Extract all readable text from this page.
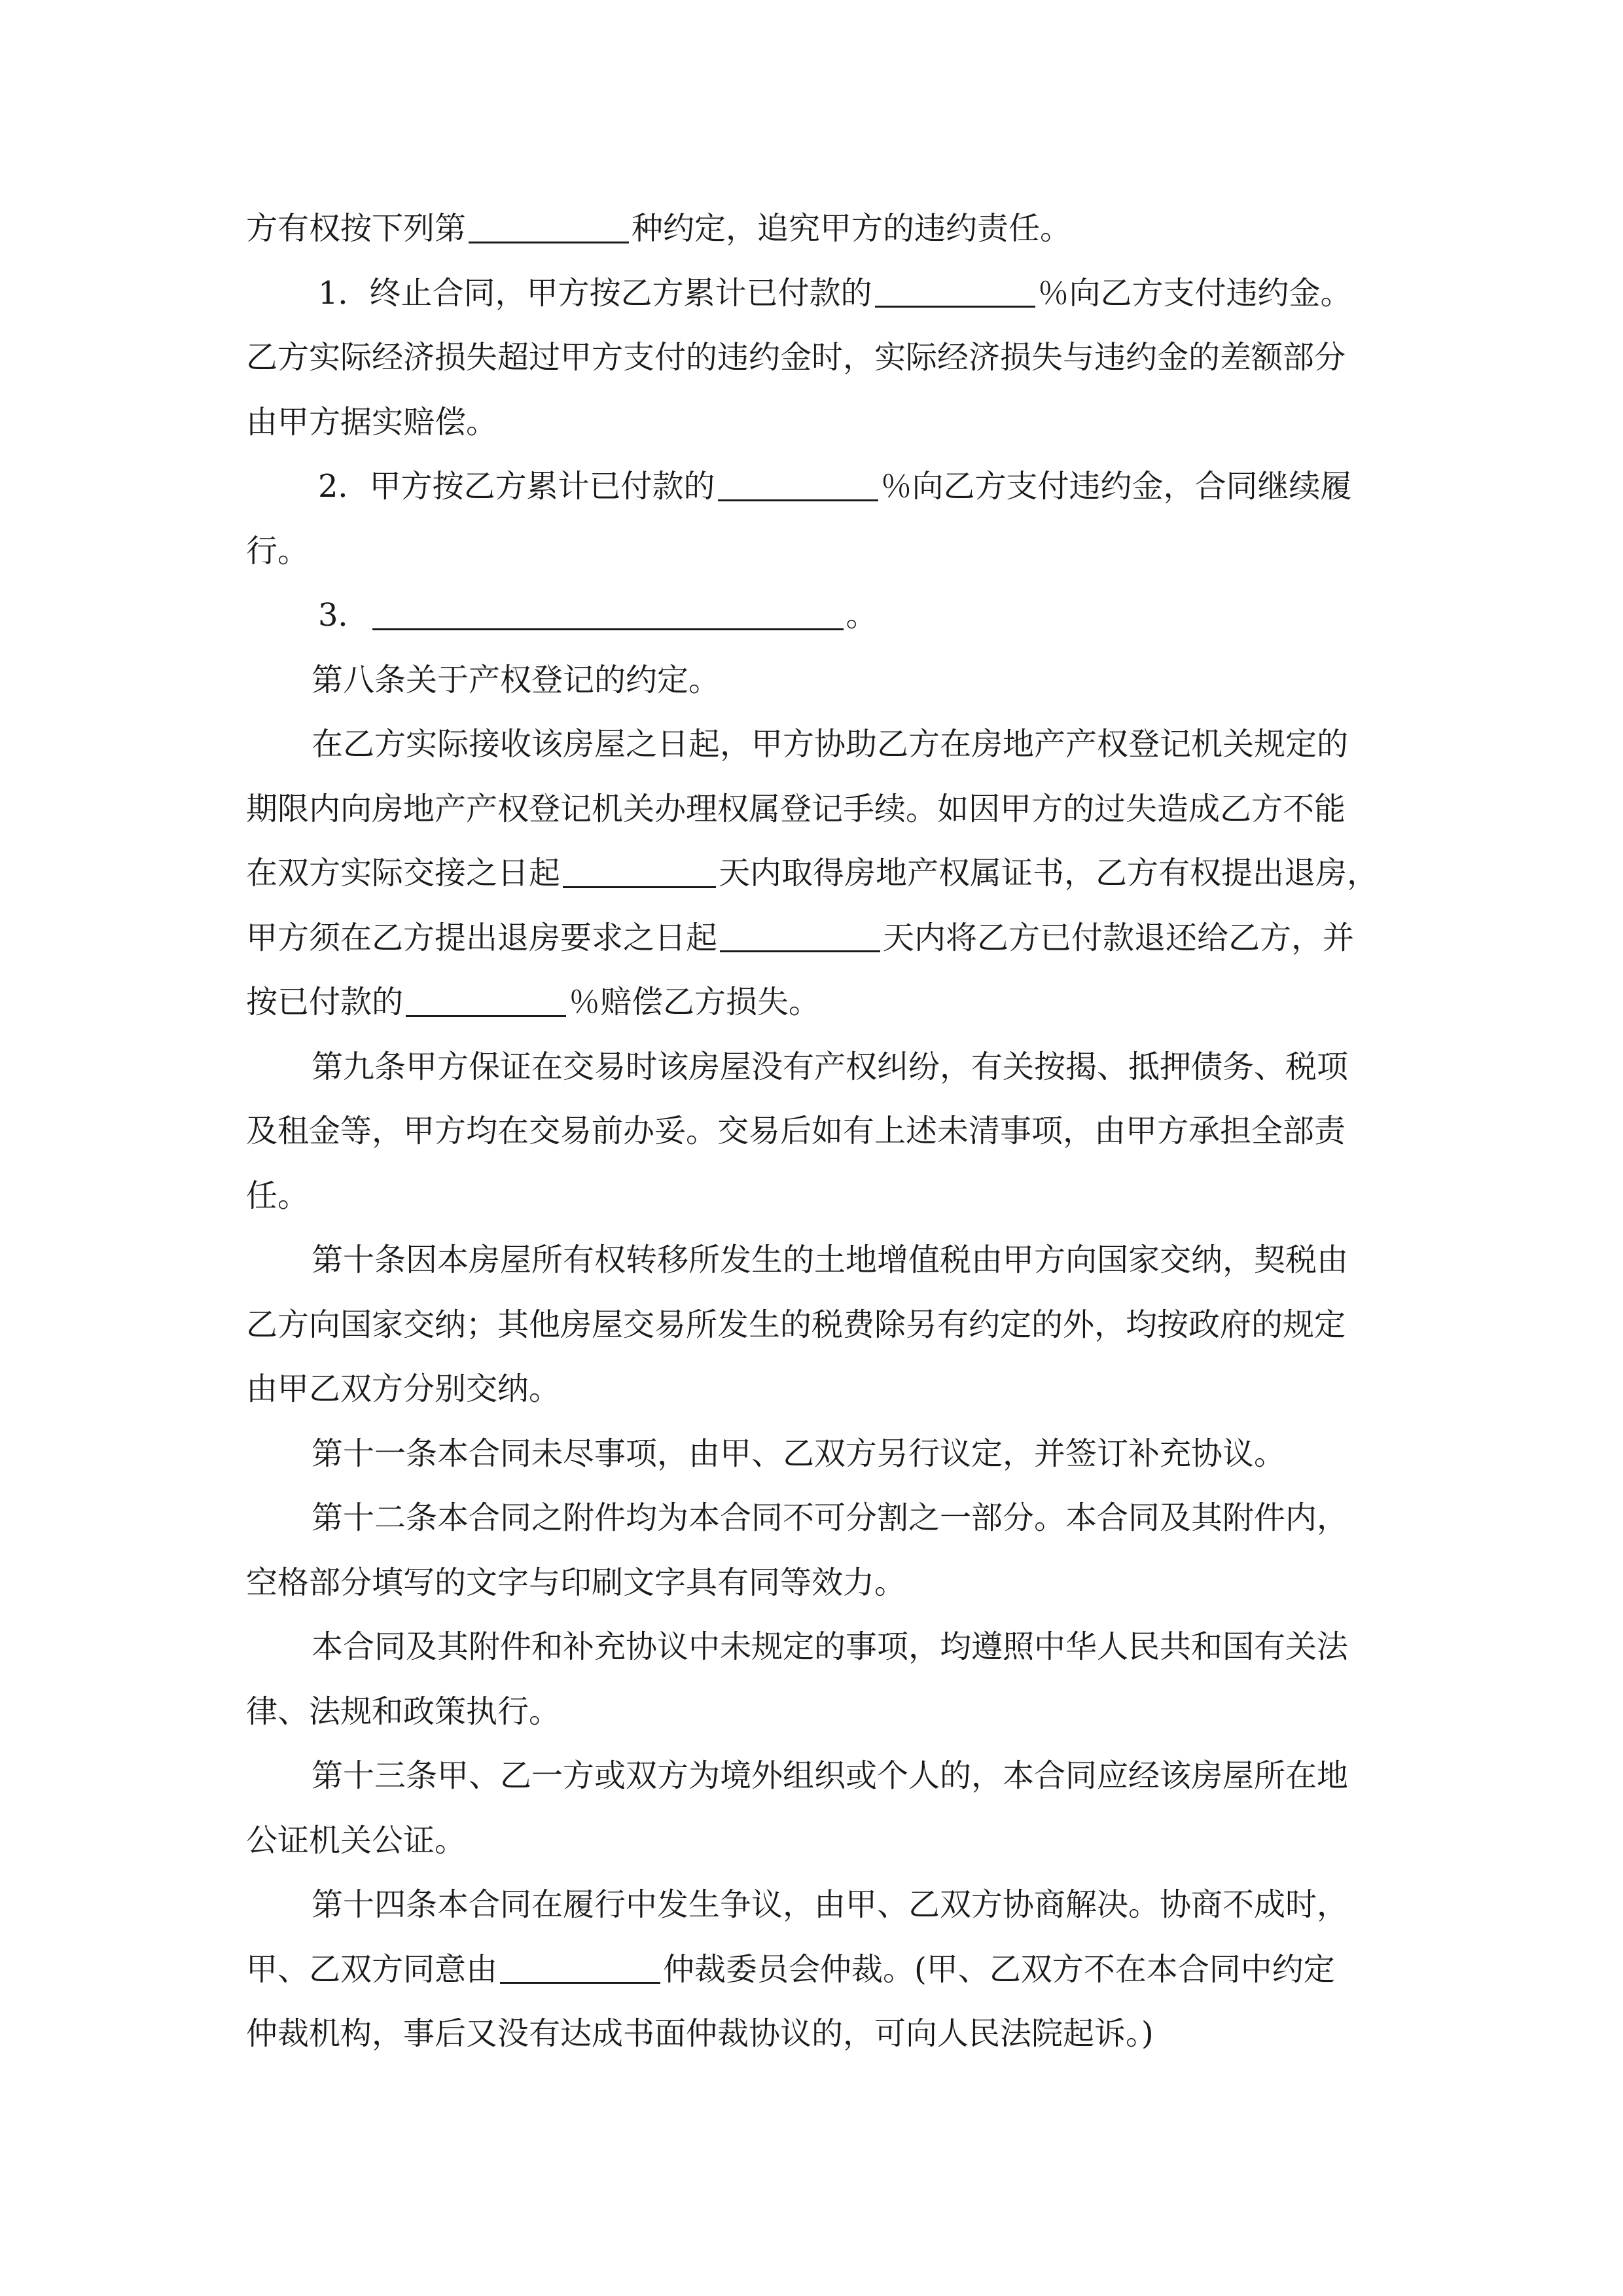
方有权按下列第	种约定，追究甲方的违约责任。
1．终止合同，甲方按乙方累计已付款的	％向乙方支付违约金。
乙方实际经济损失超过甲方支付的违约金时，实际经济损失与违约金的差额部分
由甲方据实赔偿。
2．甲方按乙方累计已付款的	％向乙方支付违约金，合同继续履
行。
3．	。
第八条关于产权登记的约定。
在乙方实际接收该房屋之日起，甲方协助乙方在房地产产权登记机关规定的
期限内向房地产产权登记机关办理权属登记手续。如因甲方的过失造成乙方不能
在双方实际交接之日起	天内取得房地产权属证书，乙方有权提出退房，
甲方须在乙方提出退房要求之日起	天内将乙方已付款退还给乙方，并
按已付款的	％赔偿乙方损失。
第九条甲方保证在交易时该房屋没有产权纠纷，有关按揭、抵押债务、税项
及租金等，甲方均在交易前办妥。交易后如有上述未清事项，由甲方承担全部责
任。
第十条因本房屋所有权转移所发生的土地增值税由甲方向国家交纳，契税由
乙方向国家交纳；其他房屋交易所发生的税费除另有约定的外，均按政府的规定
由甲乙双方分别交纳。
第十一条本合同未尽事项，由甲、乙双方另行议定，并签订补充协议。
第十二条本合同之附件均为本合同不可分割之一部分。本合同及其附件内，
空格部分填写的文字与印刷文字具有同等效力。
本合同及其附件和补充协议中未规定的事项，均遵照中华人民共和国有关法
律、法规和政策执行。
第十三条甲、乙一方或双方为境外组织或个人的，本合同应经该房屋所在地
公证机关公证。
第十四条本合同在履行中发生争议，由甲、乙双方协商解决。协商不成时，
甲、乙双方同意由	仲裁委员会仲裁。(甲、乙双方不在本合同中约定
仲裁机构，事后又没有达成书面仲裁协议的，可向人民法院起诉。)
